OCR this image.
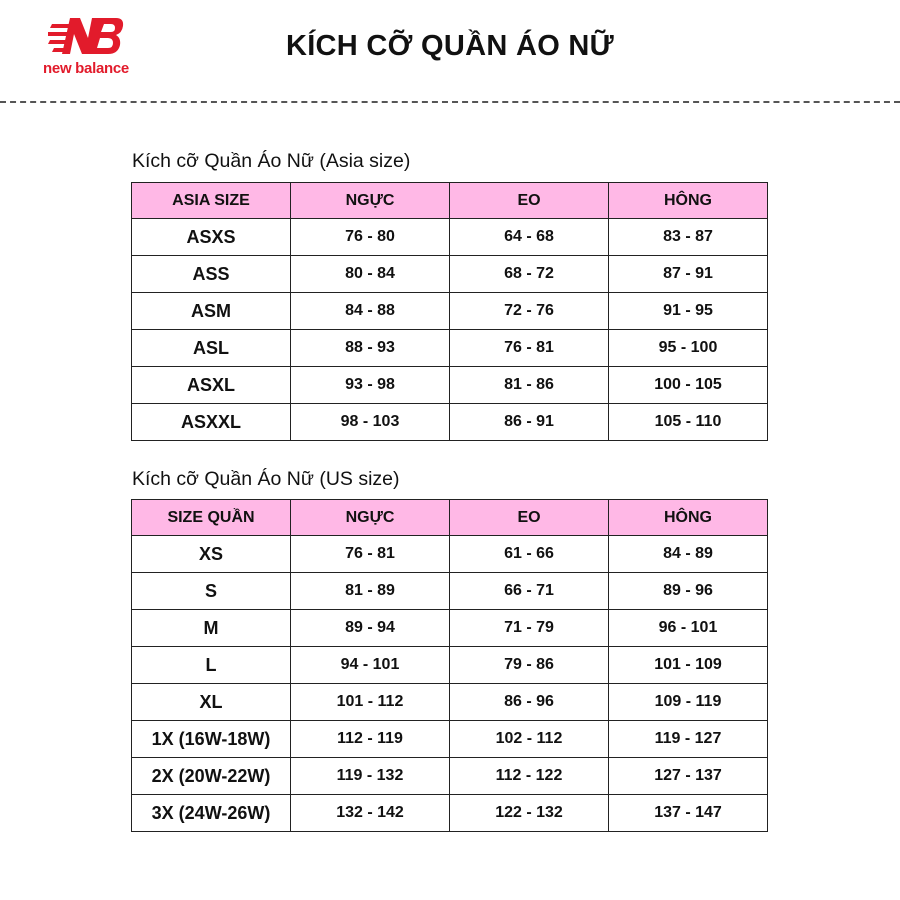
new balance
KÍCH CỠ QUẦN ÁO NỮ
Kích cỡ Quần Áo Nữ (Asia size)
ASIA SIZE	NGỰC	EO	HÔNG
ASXS	76 - 80	64 - 68	83 - 87
ASS	80 - 84	68 - 72	87 - 91
ASM	84 - 88	72 - 76	91 - 95
ASL	88 - 93	76 - 81	95 - 100
ASXL	93 - 98	81 - 86	100 - 105
ASXXL	98 - 103	86 - 91	105 - 110
Kích cỡ Quần Áo Nữ (US size)
SIZE QUẦN	NGỰC	EO	HÔNG
XS	76 - 81	61 - 66	84 - 89
S	81 - 89	66 - 71	89 - 96
M	89 - 94	71 - 79	96 - 101
L	94 - 101	79 - 86	101 - 109
XL	101 - 112	86 - 96	109 - 119
1X (16W-18W)	112 - 119	102 - 112	119 - 127
2X (20W-22W)	119 - 132	112 - 122	127 - 137
3X (24W-26W)	132 - 142	122 - 132	137 - 147
